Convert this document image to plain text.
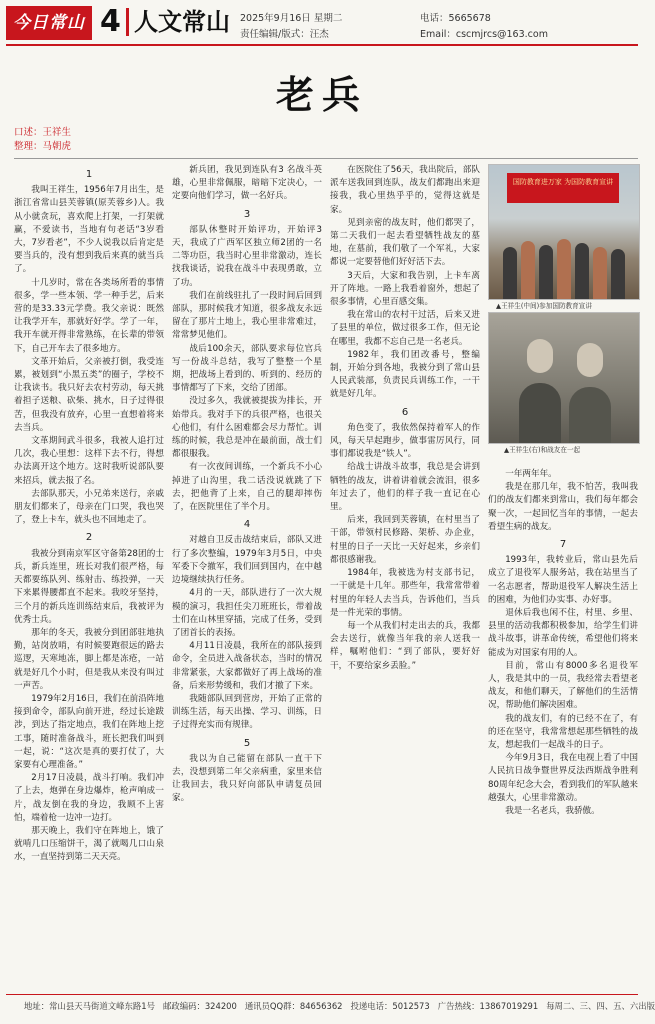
今日常山 4 人文常山 2025年9月16日 星期二
责任编辑/版式：汪杰
电话：5665678
Email：cscmjrcs@163.com
老兵
口述：王祥生
整理：马朝虎

1

我叫王祥生，1956年7月出生，是浙江省常山县芙蓉镇(原芙蓉乡)人。我从小就贪玩，喜欢爬上打架，一打架就赢，不爱读书，当地有句老话“3岁看大，7岁看老”，不少人说我以后肯定是要当兵的，没有想到我后来真的就当兵了。

十几岁时，常在各类场所看的事情很多，学一些本领、学一种手艺，后来营的是33.33元学费。我父亲说：既然让我学开车，那就好好学。学了一年，我开车就开得非常熟练，在长辈的带领下，自己开车去了很多地方。

文革开始后，父亲被打倒，我受连累，被划到“小黑五类”的圈子，学校不让我读书。我只好去农村劳动，每天挑着担子送粮、砍柴、挑水，日子过得很苦，但我没有放弃，心里一直想着将来去当兵。

文革期间武斗很多，我被人追打过几次，我心里想：这样下去不行，得想办法离开这个地方。这时我听说部队要来招兵，就去报了名。

去部队那天，小兄弟来送行，亲戚朋友们都来了，母亲在门口哭，我也哭了，登上卡车，就头也不回地走了。

2

我被分到南京军区守备第28团的士兵，新兵连里，班长对我们很严格，每天都要练队列、练射击、练投弹，一天下来累得腰都直不起来。我咬牙坚持，三个月的新兵连训练结束后，我被评为优秀士兵。

那年的冬天，我被分到团部驻地执勤，站岗放哨，有时候要跑很远的路去巡逻，天寒地冻，脚上都是冻疮，一站就是好几个小时，但是我从来没有叫过一声苦。

1979年2月16日，我们在前沿阵地接到命令，部队向前开进，经过长途跋涉，到达了指定地点，我们在阵地上挖工事，随时准备战斗，班长把我们叫到一起，说：“这次是真的要打仗了，大家要有心理准备。”

2月17日凌晨，战斗打响。我们冲了上去，炮弹在身边爆炸，枪声响成一片，战友倒在我的身边，我顾不上害怕，端着枪一边冲一边打。

那天晚上，我们守在阵地上，饿了就啃几口压缩饼干，渴了就喝几口山泉水，一直坚持到第二天天亮。

新兵团，我见到连队有3 名战斗英雄，心里非常佩服，暗暗下定决心，一定要向他们学习，做一名好兵。

3

部队休整时开始评功，开始评3天，我成了广西军区独立师2团的一名二等功臣，我当时心里非常激动，连长找我谈话，说我在战斗中表现勇敢，立了功。

我们在前线驻扎了一段时间后回到部队，那时候我才知道，很多战友永远留在了那片土地上，我心里非常难过，常常梦见他们。

战后100余天，部队要求每位官兵写一份战斗总结，我写了整整一个星期，把战场上看到的、听到的、经历的事情都写了下来，交给了团部。

没过多久，我就被提拔为排长，开始带兵。我对手下的兵很严格，也很关心他们，有什么困难都会尽力帮忙。训练的时候，我总是冲在最前面，战士们都很服我。

有一次夜间训练，一个新兵不小心掉进了山沟里，我二话没说就跳了下去，把他背了上来，自己的腿却摔伤了，在医院里住了半个月。

4

对越自卫反击战结束后，部队又进行了多次整编，1979年3月5日，中央军委下令撤军，我们回到国内，在中越边境继续执行任务。

4月的一天，部队进行了一次大规模的演习，我担任尖刀班班长，带着战士们在山林里穿插，完成了任务，受到了团首长的表扬。

4月11日凌晨，我所在的部队接到命令，全员进入战备状态，当时的情况非常紧张，大家都做好了再上战场的准备，后来形势缓和，我们才撤了下来。

我随部队回到营房，开始了正常的训练生活，每天出操、学习、训练，日子过得充实而有规律。

5

我以为自己能留在部队一直干下去，没想到第二年父亲病重，家里来信让我回去，我只好向部队申请复员回家。

在医院住了56天，我出院后，部队派车送我回到连队，战友们都跑出来迎接我，我心里热乎乎的，觉得这就是家。

见到亲密的战友时，他们都哭了，第二天我们一起去看望牺牲战友的墓地，在墓前，我们敬了一个军礼，大家都说一定要替他们好好活下去。

3天后，大家和我告别，上卡车离开了阵地。一路上我看着窗外，想起了很多事情，心里百感交集。

我在常山的农村干过活，后来又进了县里的单位，做过很多工作，但无论在哪里，我都不忘自己是一名老兵。

1982年，我们团改番号，整编制，开始分到各地，我被分到了常山县人民武装部，负责民兵训练工作，一干就是好几年。

6

角色变了，我依然保持着军人的作风，每天早起跑步，做事雷厉风行，同事们都说我是“铁人”。

给战士讲战斗故事，我总是会讲到牺牲的战友，讲着讲着就会流泪，很多年过去了，他们的样子我一直记在心里。

后来，我回到芙蓉镇，在村里当了干部，带领村民修路、架桥、办企业，村里的日子一天比一天好起来，乡亲们都很感谢我。

1984年，我被选为村支部书记，一干就是十几年。那些年，我常常带着村里的年轻人去当兵，告诉他们，当兵是一件光荣的事情。

每一个从我们村走出去的兵，我都会去送行，就像当年我的亲人送我一样，嘱咐他们：“到了部队，要好好干，不要给家乡丢脸。”

国防教育进万家 为国防教育宣讲
▲王祥生(中间)参加国防教育宣讲
▲王祥生(右)和战友在一起

一年两年年。

我是在那几年，我不怕苦，我叫我们的战友们都来到常山，我们每年都会聚一次，一起回忆当年的事情，一起去看望生病的战友。

7

1993年，我转业后，常山县先后成立了退役军人服务站，我在站里当了一名志愿者，帮助退役军人解决生活上的困难，为他们办实事、办好事。

退休后我也闲不住，村里、乡里、县里的活动我都积极参加，给学生们讲战斗故事，讲革命传统，希望他们将来能成为对国家有用的人。

目前，常山有8000多名退役军人，我是其中的一员，我经常去看望老战友，和他们聊天，了解他们的生活情况，帮助他们解决困难。

我的战友们，有的已经不在了，有的还在坚守，我常常想起那些牺牲的战友，想起我们一起战斗的日子。

今年9月3日，我在电视上看了中国人民抗日战争暨世界反法西斯战争胜利80周年纪念大会，看到我们的军队越来越强大，心里非常激动。

我是一名老兵，我骄傲。

地址：常山县天马街道文峰东路1号 邮政编码：324200 通讯员QQ群：84656362 投递电话：5012573 广告热线：13867019291 每周二、三、四、五、六出版
